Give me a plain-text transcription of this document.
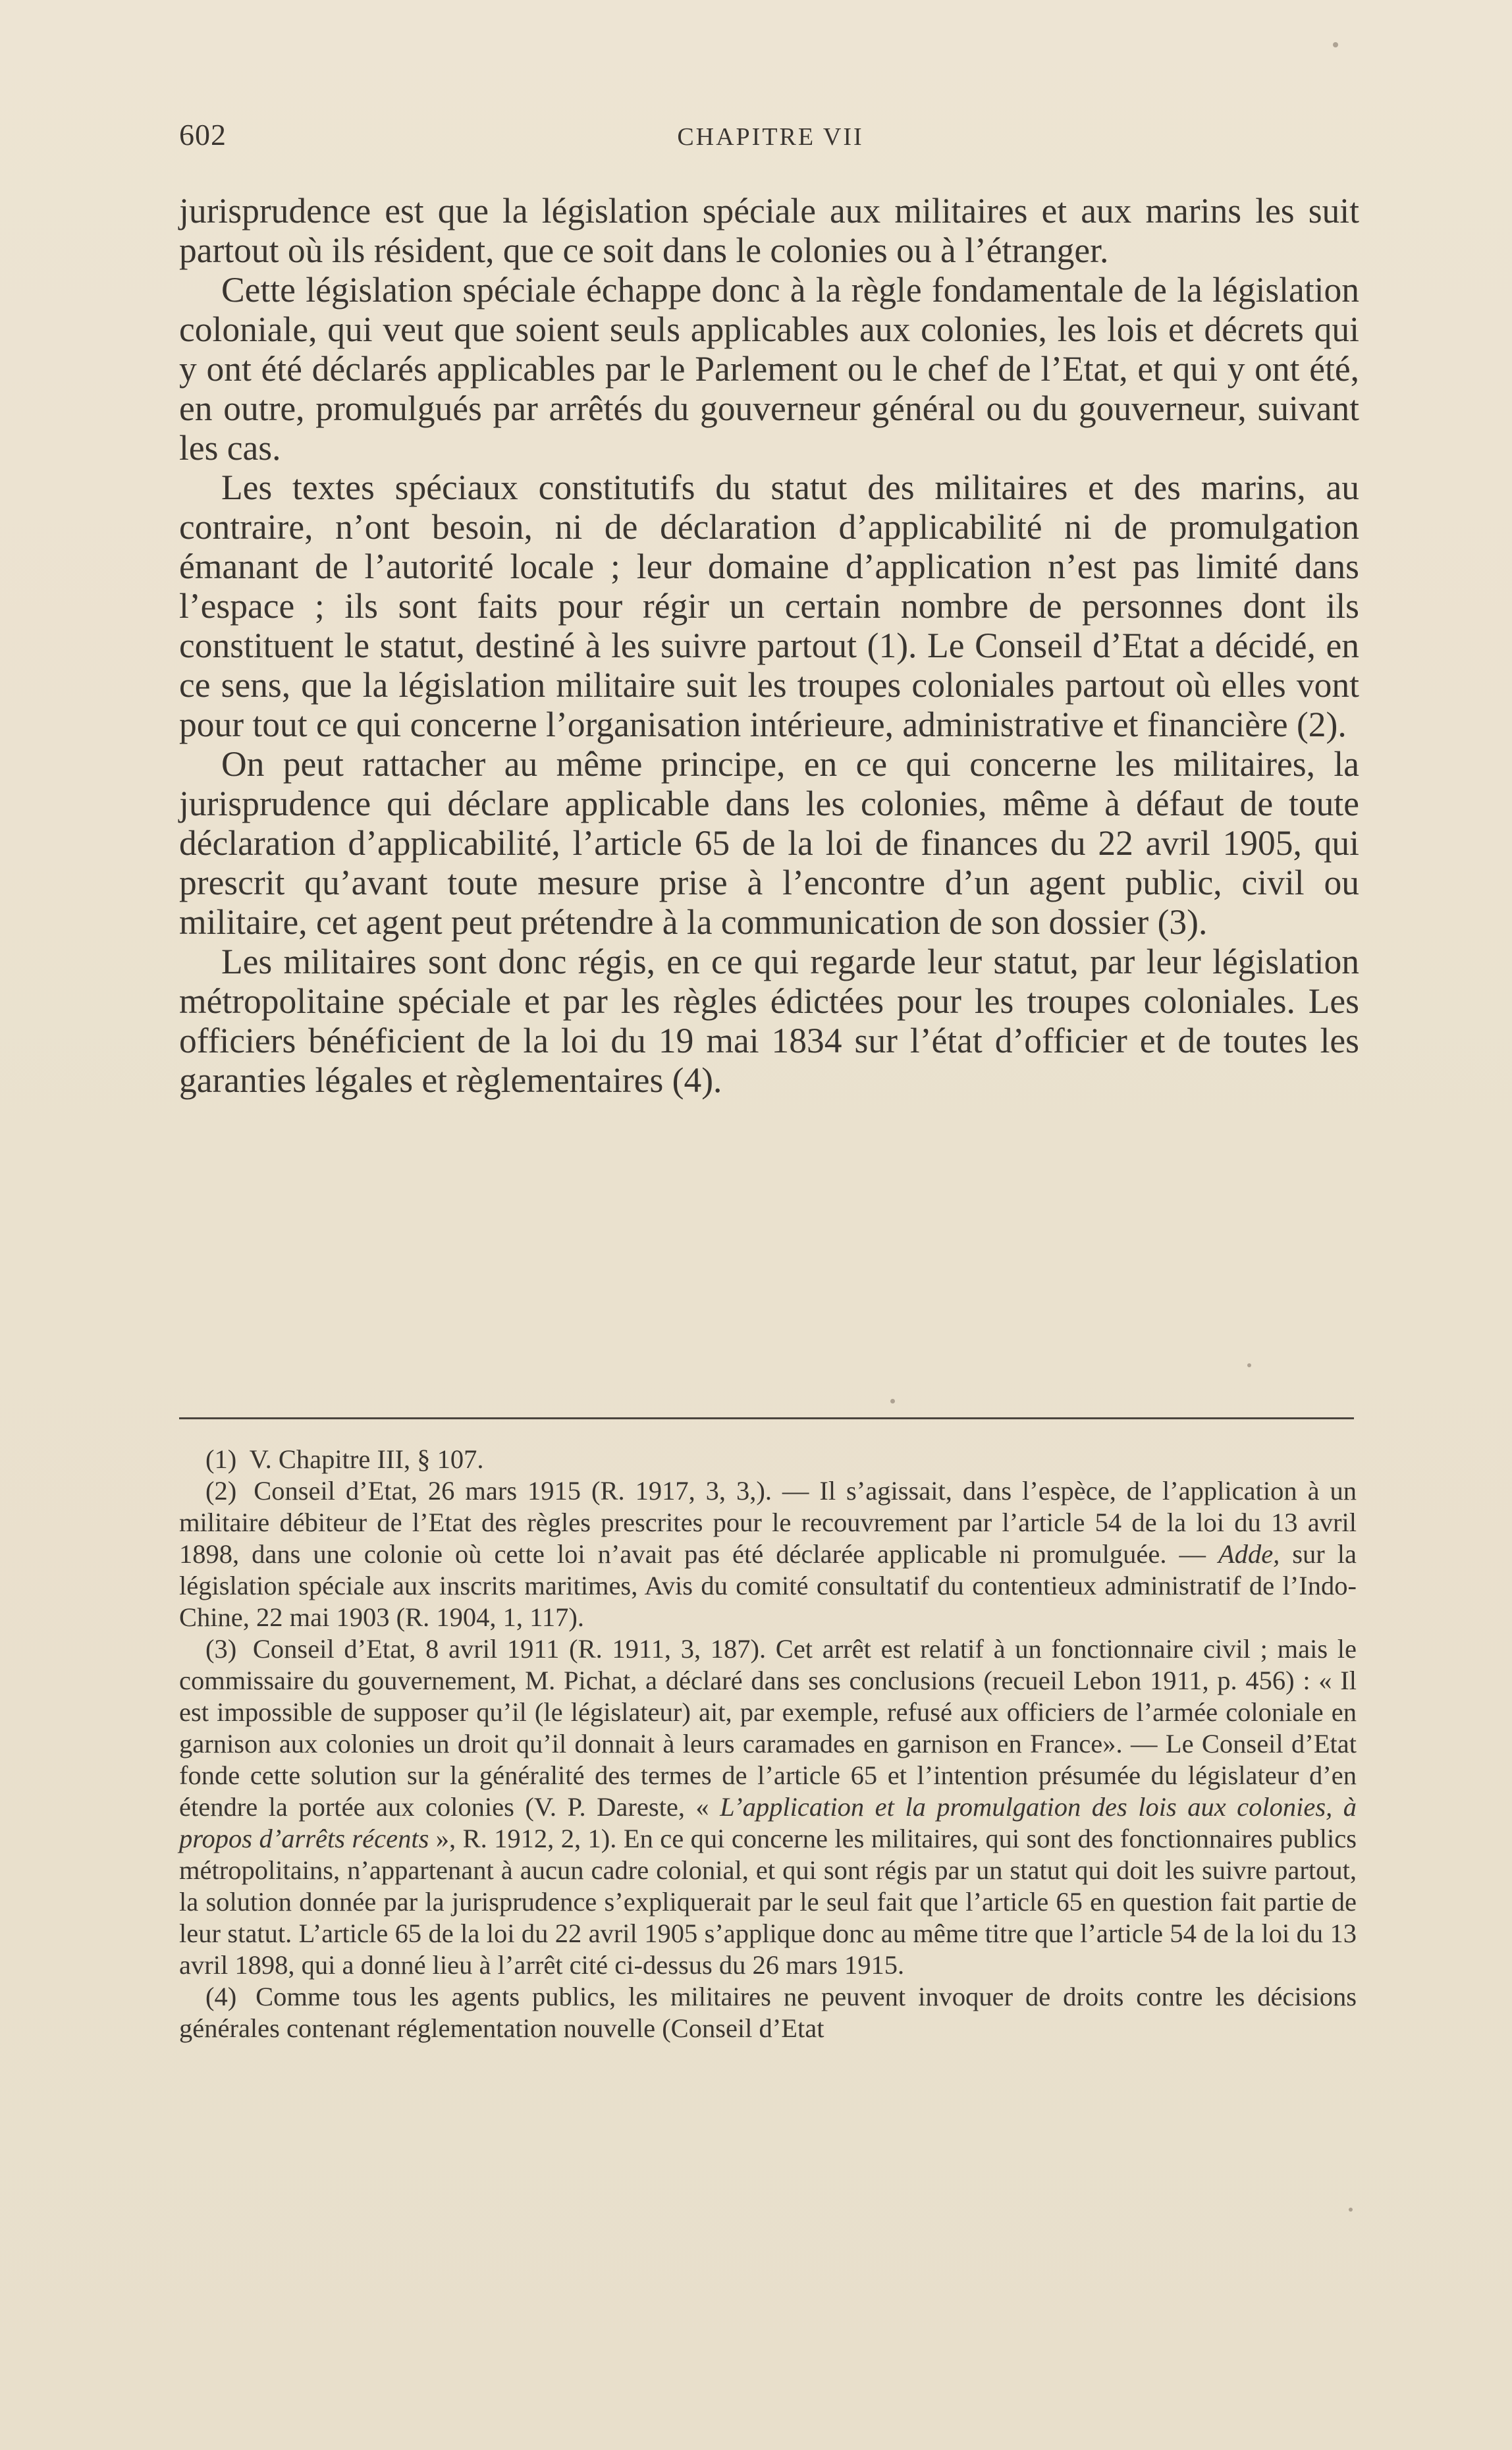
602	CHAPITRE VII

jurisprudence est que la législation spéciale aux militaires et aux marins les suit partout où ils résident, que ce soit dans le colonies ou à l’étranger.

Cette législation spéciale échappe donc à la règle fondamentale de la législation coloniale, qui veut que soient seuls applicables aux colonies, les lois et décrets qui y ont été déclarés applicables par le Parlement ou le chef de l’Etat, et qui y ont été, en outre, promulgués par arrêtés du gouverneur général ou du gouverneur, suivant les cas.

Les textes spéciaux constitutifs du statut des militaires et des marins, au contraire, n’ont besoin, ni de déclaration d’applicabilité ni de promulgation émanant de l’autorité locale ; leur domaine d’application n’est pas limité dans l’espace ; ils sont faits pour régir un certain nombre de personnes dont ils constituent le statut, destiné à les suivre partout (1). Le Conseil d’Etat a décidé, en ce sens, que la législation militaire suit les troupes coloniales partout où elles vont pour tout ce qui concerne l’organisation intérieure, administrative et financière (2).

On peut rattacher au même principe, en ce qui concerne les militaires, la jurisprudence qui déclare applicable dans les colonies, même à défaut de toute déclaration d’applicabilité, l’article 65 de la loi de finances du 22 avril 1905, qui prescrit qu’avant toute mesure prise à l’encontre d’un agent public, civil ou militaire, cet agent peut prétendre à la communication de son dossier (3).

Les militaires sont donc régis, en ce qui regarde leur statut, par leur législation métropolitaine spéciale et par les règles édictées pour les troupes coloniales. Les officiers bénéficient de la loi du 19 mai 1834 sur l’état d’officier et de toutes les garanties légales et règlementaires (4).

(1) V. Chapitre III, § 107.

(2) Conseil d’Etat, 26 mars 1915 (R. 1917, 3, 3,). — Il s’agissait, dans l’espèce, de l’application à un militaire débiteur de l’Etat des règles prescrites pour le recouvrement par l’article 54 de la loi du 13 avril 1898, dans une colonie où cette loi n’avait pas été déclarée applicable ni promulguée. — Adde, sur la législation spéciale aux inscrits maritimes, Avis du comité consultatif du contentieux administratif de l’Indo-Chine, 22 mai 1903 (R. 1904, 1, 117).

(3) Conseil d’Etat, 8 avril 1911 (R. 1911, 3, 187). Cet arrêt est relatif à un fonctionnaire civil ; mais le commissaire du gouvernement, M. Pichat, a déclaré dans ses conclusions (recueil Lebon 1911, p. 456) : « Il est impossible de supposer qu’il (le législateur) ait, par exemple, refusé aux officiers de l’armée coloniale en garnison aux colonies un droit qu’il donnait à leurs caramades en garnison en France». — Le Conseil d’Etat fonde cette solution sur la généralité des termes de l’article 65 et l’intention présumée du législateur d’en étendre la portée aux colonies (V. P. Dareste, « L’application et la promulgation des lois aux colonies, à propos d’arrêts récents », R. 1912, 2, 1). En ce qui concerne les militaires, qui sont des fonctionnaires publics métropolitains, n’appartenant à aucun cadre colonial, et qui sont régis par un statut qui doit les suivre partout, la solution donnée par la jurisprudence s’expliquerait par le seul fait que l’article 65 en question fait partie de leur statut. L’article 65 de la loi du 22 avril 1905 s’applique donc au même titre que l’article 54 de la loi du 13 avril 1898, qui a donné lieu à l’arrêt cité ci-dessus du 26 mars 1915.

(4) Comme tous les agents publics, les militaires ne peuvent invoquer de droits contre les décisions générales contenant réglementation nouvelle (Conseil d’Etat
